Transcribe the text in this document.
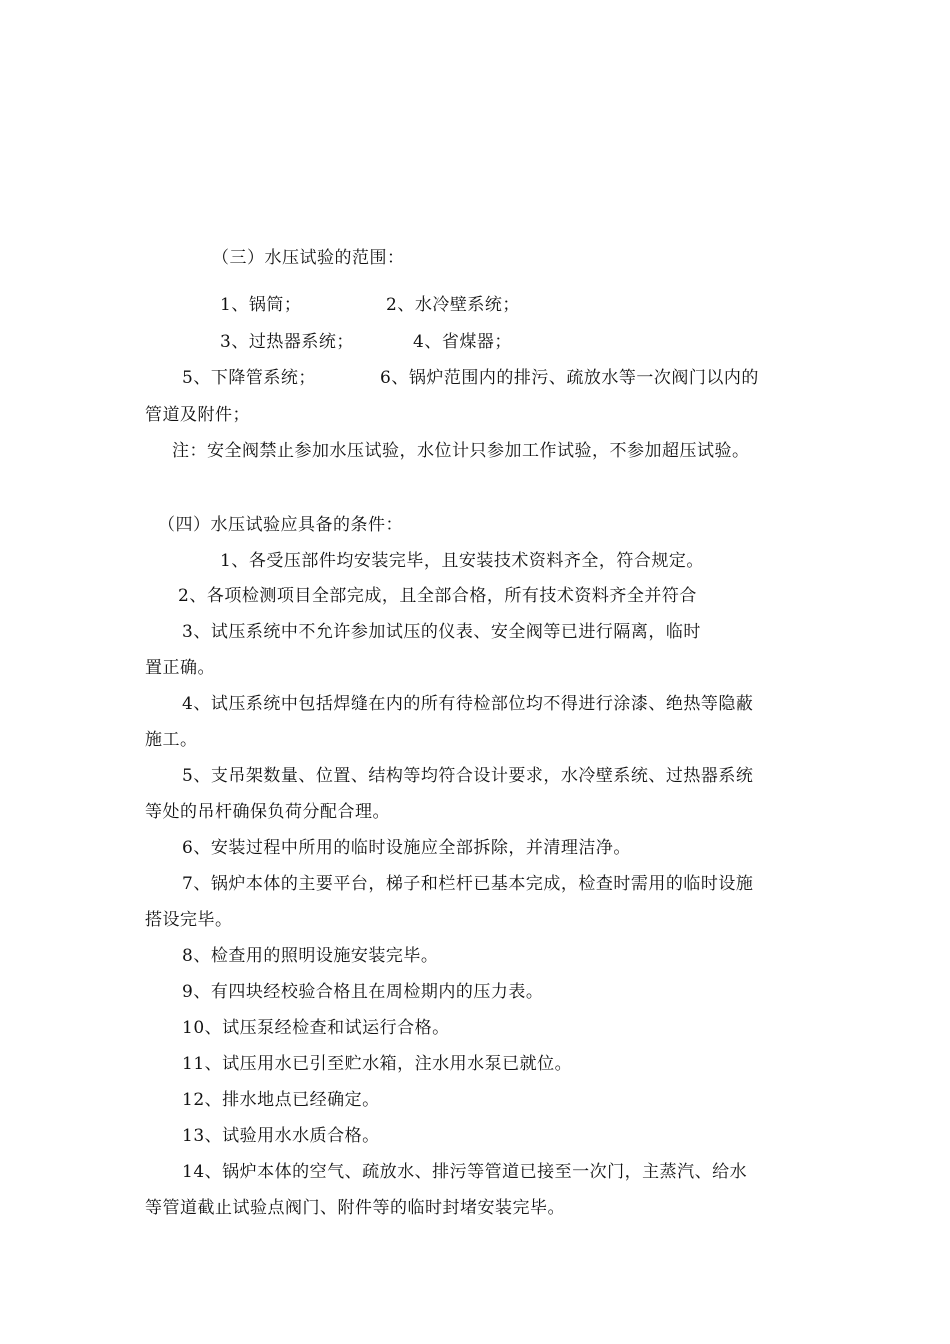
（三）水压试验的范围：
1、锅筒；	2、水冷壁系统；
3、过热器系统；	4、省煤器；
5、下降管系统；	6、锅炉范围内的排污、疏放水等一次阀门以内的
管道及附件；
注：安全阀禁止参加水压试验，水位计只参加工作试验，不参加超压试验。
（四）水压试验应具备的条件：
1、各受压部件均安装完毕，且安装技术资料齐全，符合规定。
2、各项检测项目全部完成，且全部合格，所有技术资料齐全并符合
3、试压系统中不允许参加试压的仪表、安全阀等已进行隔离，临时
置正确。
4、试压系统中包括焊缝在内的所有待检部位均不得进行涂漆、绝热等隐蔽
施工。
5、支吊架数量、位置、结构等均符合设计要求，水冷壁系统、过热器系统
等处的吊杆确保负荷分配合理。
6、安装过程中所用的临时设施应全部拆除，并清理洁净。
7、锅炉本体的主要平台，梯子和栏杆已基本完成，检查时需用的临时设施
搭设完毕。
8、检查用的照明设施安装完毕。
9、有四块经校验合格且在周检期内的压力表。
10、试压泵经检查和试运行合格。
11、试压用水已引至贮水箱，注水用水泵已就位。
12、排水地点已经确定。
13、试验用水水质合格。
14、锅炉本体的空气、疏放水、排污等管道已接至一次门，主蒸汽、给水
等管道截止试验点阀门、附件等的临时封堵安装完毕。
